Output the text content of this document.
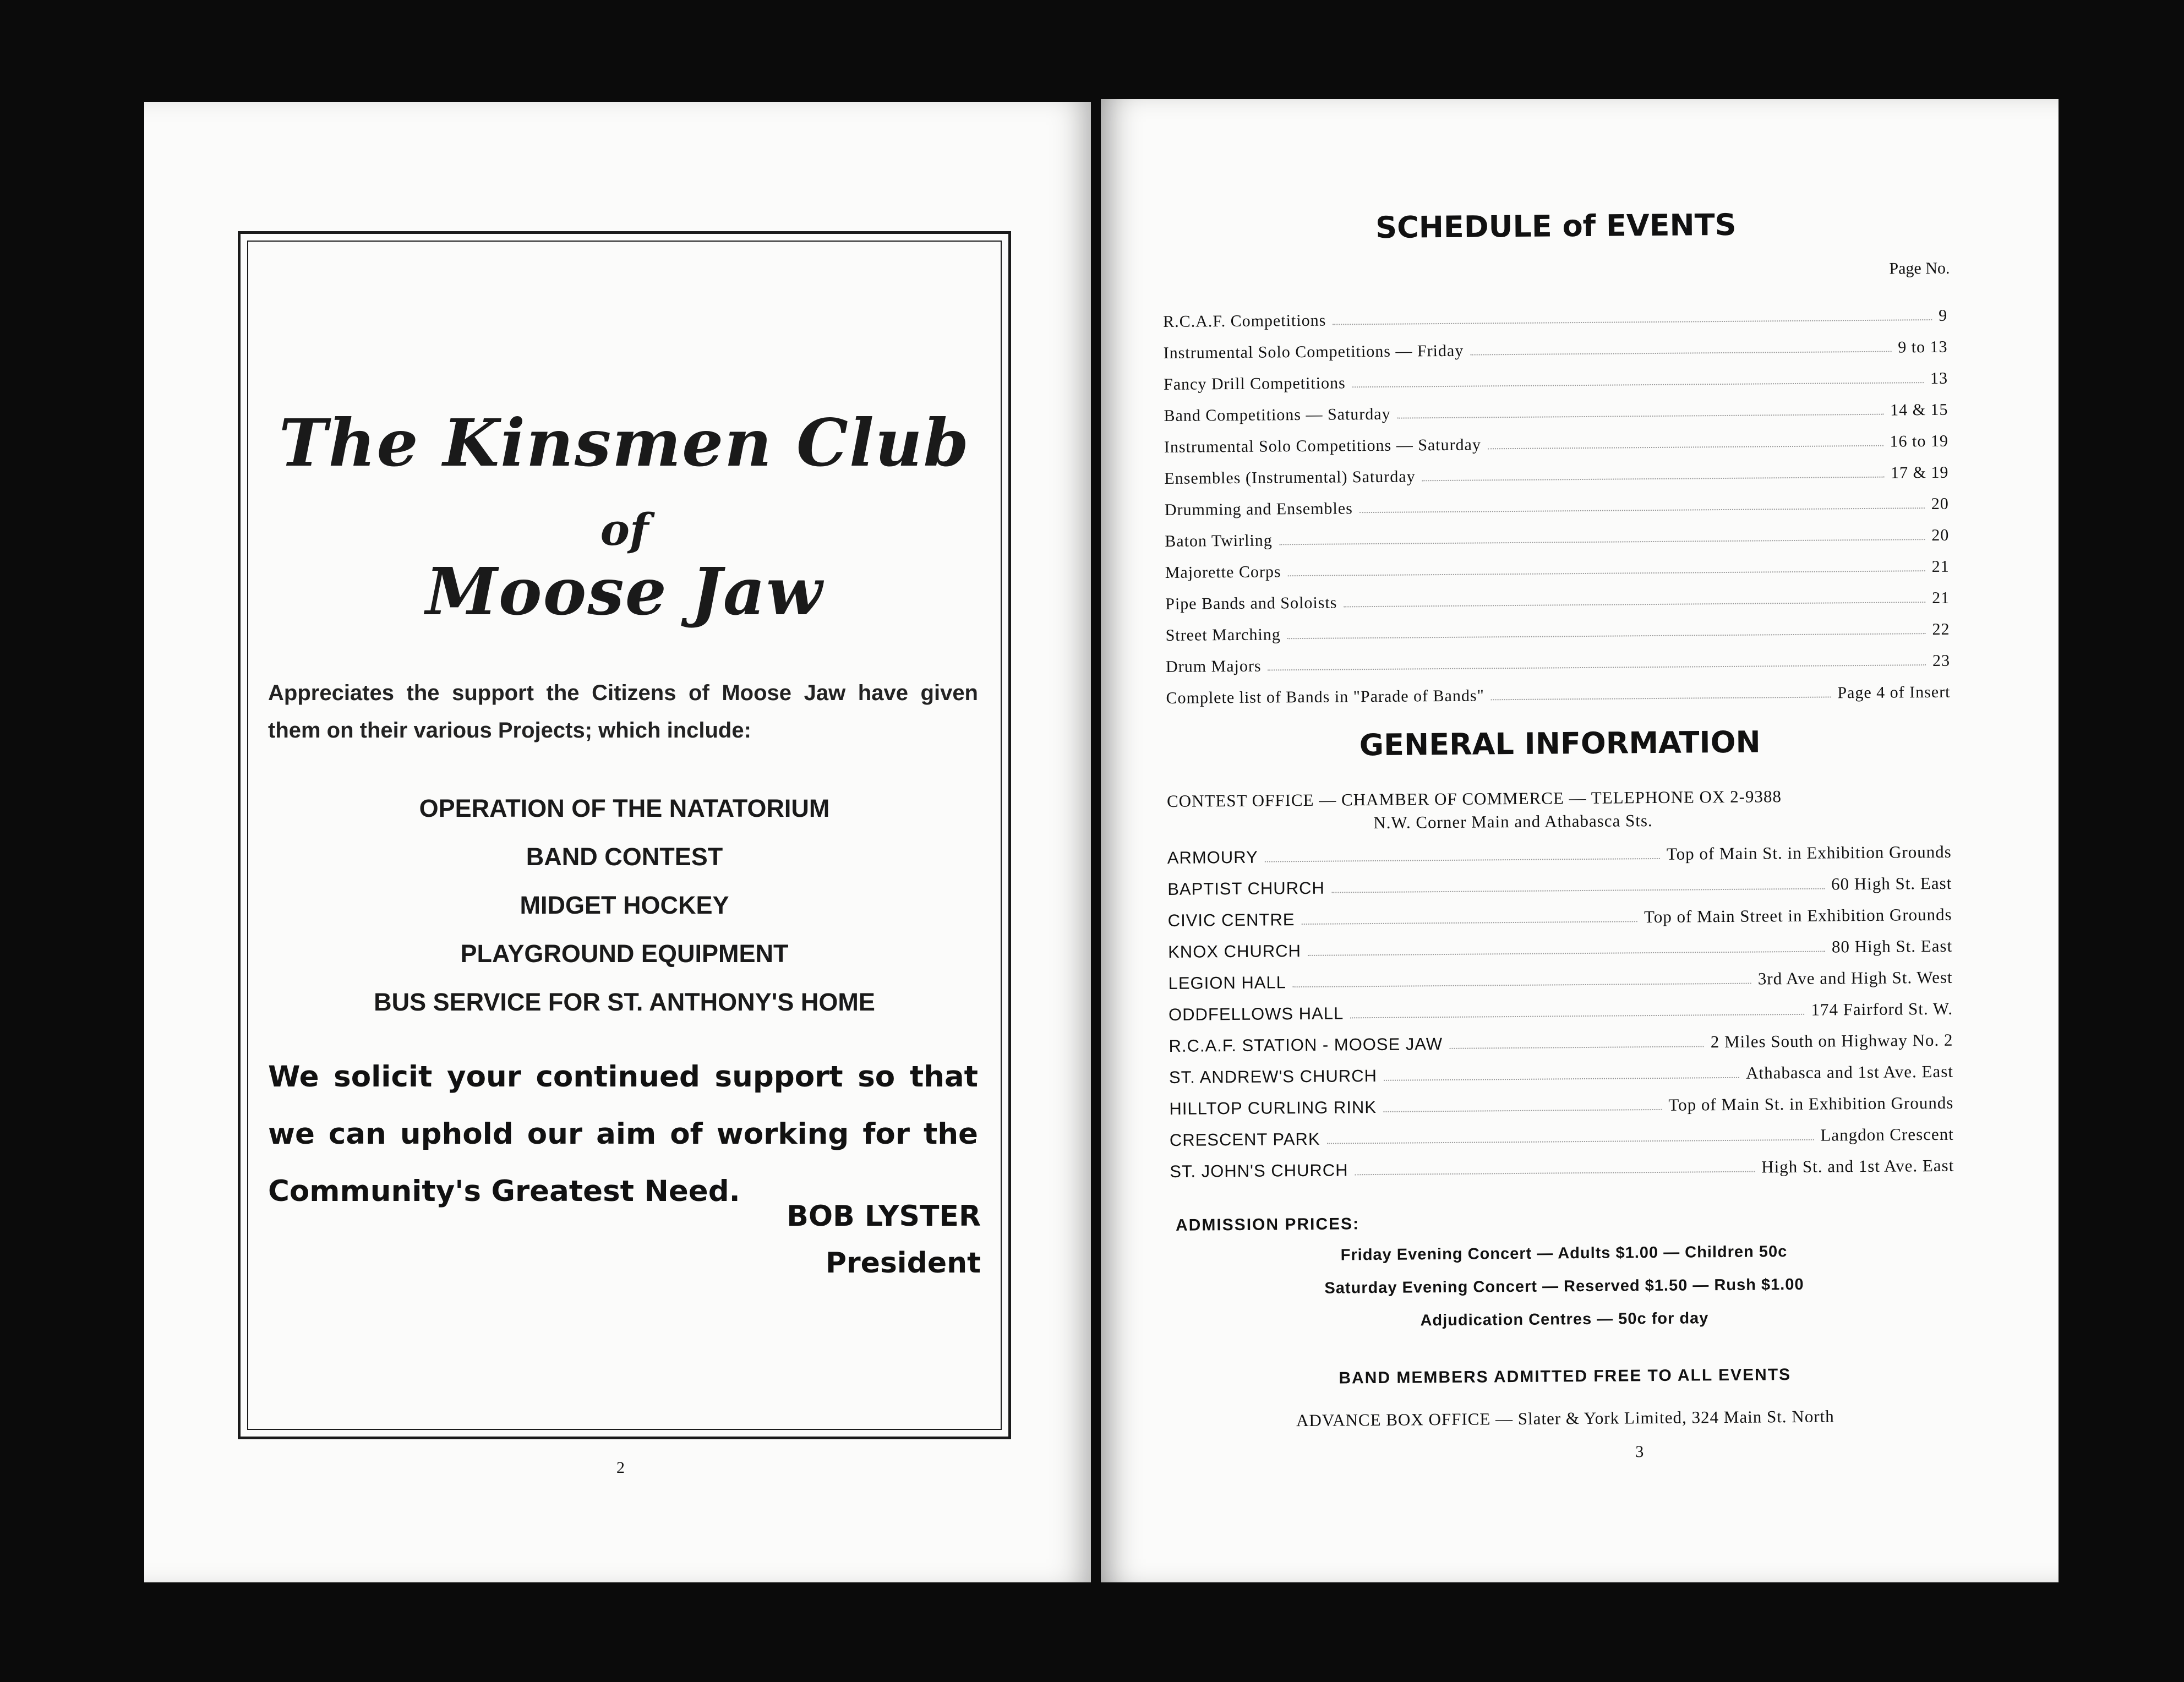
The Kinsmen Club
of
Moose Jaw
Appreciates the support the Citizens of Moose Jaw have given them on their various Projects; which include:
OPERATION OF THE NATATORIUM
BAND CONTEST
MIDGET HOCKEY
PLAYGROUND EQUIPMENT
BUS SERVICE FOR ST. ANTHONY'S HOME
We solicit your continued support so that we can uphold our aim of working for the Community's Greatest Need.
BOB LYSTER
President
2
SCHEDULE of EVENTS
Page No.
R.C.A.F. Competitions	9
Instrumental Solo Competitions — Friday	9 to 13
Fancy Drill Competitions	13
Band Competitions — Saturday	14 & 15
Instrumental Solo Competitions — Saturday	16 to 19
Ensembles (Instrumental) Saturday	17 & 19
Drumming and Ensembles	20
Baton Twirling	20
Majorette Corps	21
Pipe Bands and Soloists	21
Street Marching	22
Drum Majors	23
Complete list of Bands in "Parade of Bands"	Page 4 of Insert
GENERAL INFORMATION
CONTEST OFFICE — CHAMBER OF COMMERCE — TELEPHONE OX 2-9388
N.W. Corner Main and Athabasca Sts.
ARMOURY	Top of Main St. in Exhibition Grounds
BAPTIST CHURCH	60 High St. East
CIVIC CENTRE	Top of Main Street in Exhibition Grounds
KNOX CHURCH	80 High St. East
LEGION HALL	3rd Ave and High St. West
ODDFELLOWS HALL	174 Fairford St. W.
R.C.A.F. STATION - MOOSE JAW	2 Miles South on Highway No. 2
ST. ANDREW'S CHURCH	Athabasca and 1st Ave. East
HILLTOP CURLING RINK	Top of Main St. in Exhibition Grounds
CRESCENT PARK	Langdon Crescent
ST. JOHN'S CHURCH	High St. and 1st Ave. East
ADMISSION PRICES:
Friday Evening Concert — Adults $1.00 — Children 50c
Saturday Evening Concert — Reserved $1.50 — Rush $1.00
Adjudication Centres — 50c for day
BAND MEMBERS ADMITTED FREE TO ALL EVENTS
ADVANCE BOX OFFICE — Slater & York Limited, 324 Main St. North
3
